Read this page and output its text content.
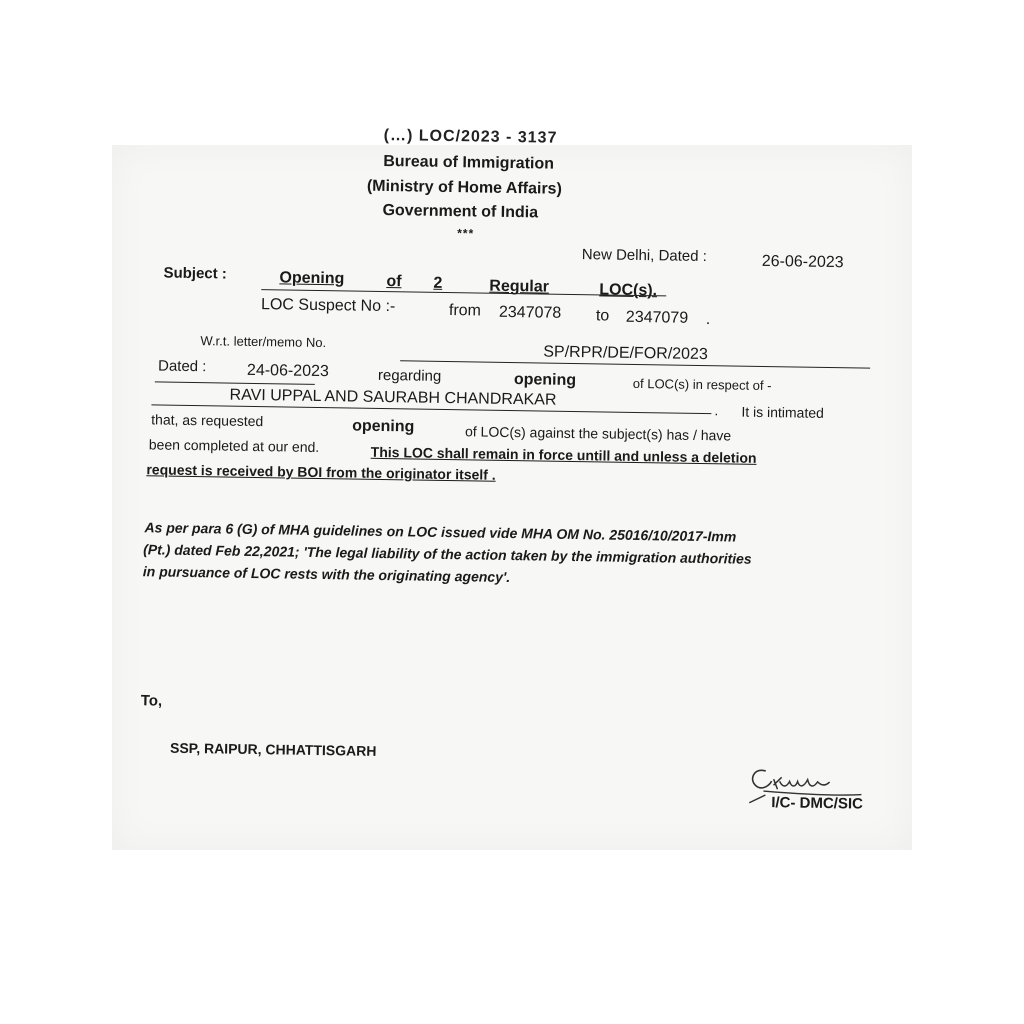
(…) LOC/2023 - 3137
Bureau of Immigration
(Ministry of Home Affairs)
Government of India
***
New Delhi, Dated :	26-06-2023
Subject :	Opening	of 2	Regular	LOC(s).
LOC Suspect No :-	from 2347078 to 2347079 .
W.r.t. letter/memo No.
SP/RPR/DE/FOR/2023
Dated :	24-06-2023	regarding	opening	of LOC(s) in respect of -
RAVI UPPAL AND SAURABH CHANDRAKAR
. It is intimated
that, as requested	opening	of LOC(s) against the subject(s) has / have
been completed at our end.	This LOC shall remain in force untill and unless a deletion
request is received by BOI from the originator itself .
As per para 6 (G) of MHA guidelines on LOC issued vide MHA OM No. 25016/10/2017-Imm
(Pt.) dated Feb 22,2021; 'The legal liability of the action taken by the immigration authorities
in pursuance of LOC rests with the originating agency'.
To,
SSP, RAIPUR, CHHATTISGARH
I/C- DMC/SIC
